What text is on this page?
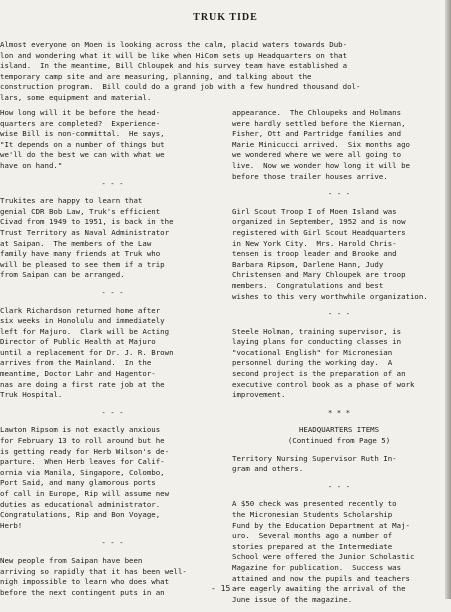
TRUK TIDE
Almost everyone on Moen is looking across the calm, placid waters towards Dub-
lon and wondering what it will be like when HiCom sets up Headquarters on that
island.  In the meantime, Bill Chloupek and his survey team have established a
temporary camp site and are measuring, planning, and talking about the
construction program.  Bill could do a grand job with a few hundred thousand dol-
lars, some equipment and material.

How long will it be before the head-
quarters are completed?  Experience-
wise Bill is non-committal.  He says,
"It depends on a number of things but
we'll do the best we can with what we
have on hand."

- - -

Trukites are happy to learn that
genial CDR Bob Law, Truk's efficient
Civad from 1949 to 1951, is back in the
Trust Territory as Naval Administrator
at Saipan.  The members of the Law
family have many friends at Truk who
will be pleased to see them if a trip
from Saipan can be arranged.

- - -

Clark Richardson returned home after
six weeks in Honolulu and immediately
left for Majuro.  Clark will be Acting
Director of Public Health at Majuro
until a replacement for Dr. J. R. Brown
arrives from the Mainland.  In the
meantime, Doctor Lahr and Hagentor-
nas are doing a first rate job at the
Truk Hospital.

- - -

Lawton Ripsom is not exactly anxious
for February 13 to roll around but he
is getting ready for Herb Wilson's de-
parture.  When Herb leaves for Calif-
ornia via Manila, Singapore, Colombo,
Port Said, and many glamorous ports
of call in Europe, Rip will assume new
duties as educational administrator.
Congratulations, Rip and Bon Voyage,
Herb!

- - -

New people from Saipan have been
arriving so rapidly that it has been well-
nigh impossible to learn who does what
before the next contingent puts in an

appearance.  The Chloupeks and Holmans
were hardly settled before the Kiernan,
Fisher, Ott and Partridge families and
Marie Minicucci arrived.  Six months ago
we wondered where we were all going to
live.  Now we wonder how long it will be
before those trailer houses arrive.

- - -

Girl Scout Troop I of Moen Island was
organized in September, 1952 and is now
registered with Girl Scout Headquarters
in New York City.  Mrs. Harold Chris-
tensen is troop leader and Brooke and
Barbara Ripsom, Darlene Hann, Judy
Christensen and Mary Chloupek are troop
members.  Congratulations and best
wishes to this very worthwhile organization.

- - -

Steele Holman, training supervisor, is
laying plans for conducting classes in
"vocational English" for Micronesian
personnel during the working day.  A
second project is the preparation of an
executive control book as a phase of work
improvement.

* * *
HEADQUARTERS ITEMS
(Continued from Page 5)

Territory Nursing Supervisor Ruth In-
gram and others.

- - -

A $50 check was presented recently to
the Micronesian Students Scholarship
Fund by the Education Department at Maj-
uro.  Several months ago a number of
stories prepared at the Intermediate
School were offered the Junior Scholastic
Magazine for publication.  Success was
attained and now the pupils and teachers
are eagerly awaiting the arrival of the
June issue of the magazine.

- 15 -
